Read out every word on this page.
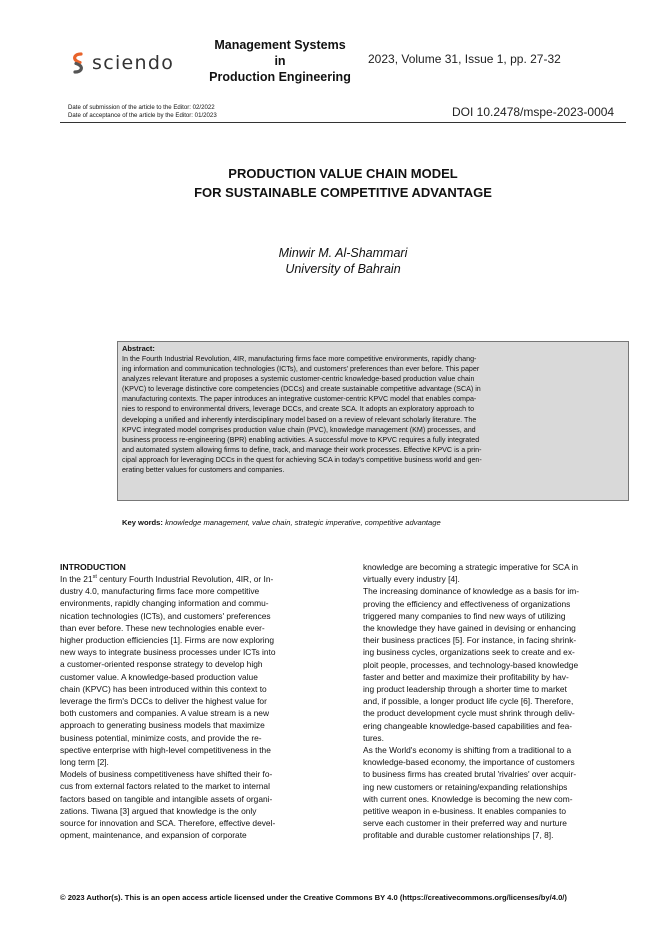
sciendo
Management Systems
in
Production Engineering
2023, Volume 31, Issue 1, pp. 27-32
Date of submission of the article to the Editor: 02/2022
Date of acceptance of the article by the Editor: 01/2023	DOI 10.2478/mspe-2023-0004
PRODUCTION VALUE CHAIN MODEL
FOR SUSTAINABLE COMPETITIVE ADVANTAGE
Minwir M. Al-Shammari
University of Bahrain
Abstract:
In the Fourth Industrial Revolution, 4IR, manufacturing firms face more competitive environments, rapidly chang-
ing information and communication technologies (ICTs), and customers' preferences than ever before. This paper
analyzes relevant literature and proposes a systemic customer-centric knowledge-based production value chain
(KPVC) to leverage distinctive core competencies (DCCs) and create sustainable competitive advantage (SCA) in
manufacturing contexts. The paper introduces an integrative customer-centric KPVC model that enables compa-
nies to respond to environmental drivers, leverage DCCs, and create SCA. It adopts an exploratory approach to
developing a unified and inherently interdisciplinary model based on a review of relevant scholarly literature. The
KPVC integrated model comprises production value chain (PVC), knowledge management (KM) processes, and
business process re-engineering (BPR) enabling activities. A successful move to KPVC requires a fully integrated
and automated system allowing firms to define, track, and manage their work processes. Effective KPVC is a prin-
cipal approach for leveraging DCCs in the quest for achieving SCA in today's competitive business world and gen-
erating better values for customers and companies.
Key words: knowledge management, value chain, strategic imperative, competitive advantage
INTRODUCTION
In the 21st century Fourth Industrial Revolution, 4IR, or In-
dustry 4.0, manufacturing firms face more competitive
environments, rapidly changing information and commu-
nication technologies (ICTs), and customers' preferences
than ever before. These new technologies enable ever-
higher production efficiencies [1]. Firms are now exploring
new ways to integrate business processes under ICTs into
a customer-oriented response strategy to develop high
customer value. A knowledge-based production value
chain (KPVC) has been introduced within this context to
leverage the firm's DCCs to deliver the highest value for
both customers and companies. A value stream is a new
approach to generating business models that maximize
business potential, minimize costs, and provide the re-
spective enterprise with high-level competitiveness in the
long term [2].
Models of business competitiveness have shifted their fo-
cus from external factors related to the market to internal
factors based on tangible and intangible assets of organi-
zations. Tiwana [3] argued that knowledge is the only
source for innovation and SCA. Therefore, effective devel-
opment, maintenance, and expansion of corporate
knowledge are becoming a strategic imperative for SCA in
virtually every industry [4].
The increasing dominance of knowledge as a basis for im-
proving the efficiency and effectiveness of organizations
triggered many companies to find new ways of utilizing
the knowledge they have gained in devising or enhancing
their business practices [5]. For instance, in facing shrink-
ing business cycles, organizations seek to create and ex-
ploit people, processes, and technology-based knowledge
faster and better and maximize their profitability by hav-
ing product leadership through a shorter time to market
and, if possible, a longer product life cycle [6]. Therefore,
the product development cycle must shrink through deliv-
ering changeable knowledge-based capabilities and fea-
tures.
As the World's economy is shifting from a traditional to a
knowledge-based economy, the importance of customers
to business firms has created brutal 'rivalries' over acquir-
ing new customers or retaining/expanding relationships
with current ones. Knowledge is becoming the new com-
petitive weapon in e-business. It enables companies to
serve each customer in their preferred way and nurture
profitable and durable customer relationships [7, 8].
© 2023 Author(s). This is an open access article licensed under the Creative Commons BY 4.0 (https://creativecommons.org/licenses/by/4.0/)
